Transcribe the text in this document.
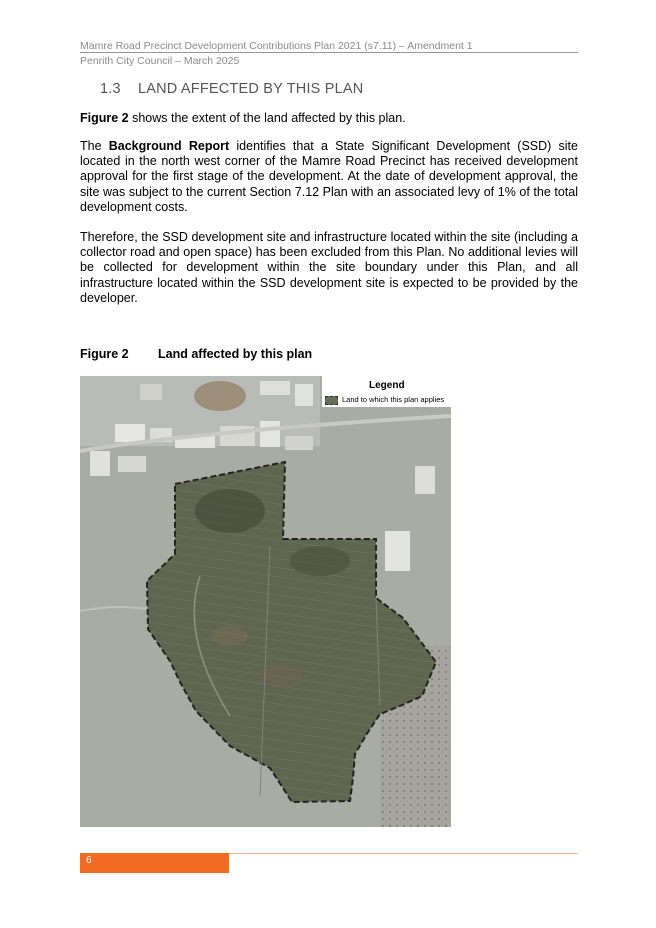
Mamre Road Precinct Development Contributions Plan 2021 (s7.11) – Amendment 1
Penrith City Council – March 2025
1.3 LAND AFFECTED BY THIS PLAN

Figure 2 shows the extent of the land affected by this plan.

The Background Report identifies that a State Significant Development (SSD) site located in the north west corner of the Mamre Road Precinct has received development approval for the first stage of the development. At the date of development approval, the site was subject to the current Section 7.12 Plan with an associated levy of 1% of the total development costs.

Therefore, the SSD development site and infrastructure located within the site (including a collector road and open space) has been excluded from this Plan. No additional levies will be collected for development within the site boundary under this Plan, and all infrastructure located within the SSD development site is expected to be provided by the developer.

Figure 2 Land affected by this plan
Legend
Land to which this plan applies
6
